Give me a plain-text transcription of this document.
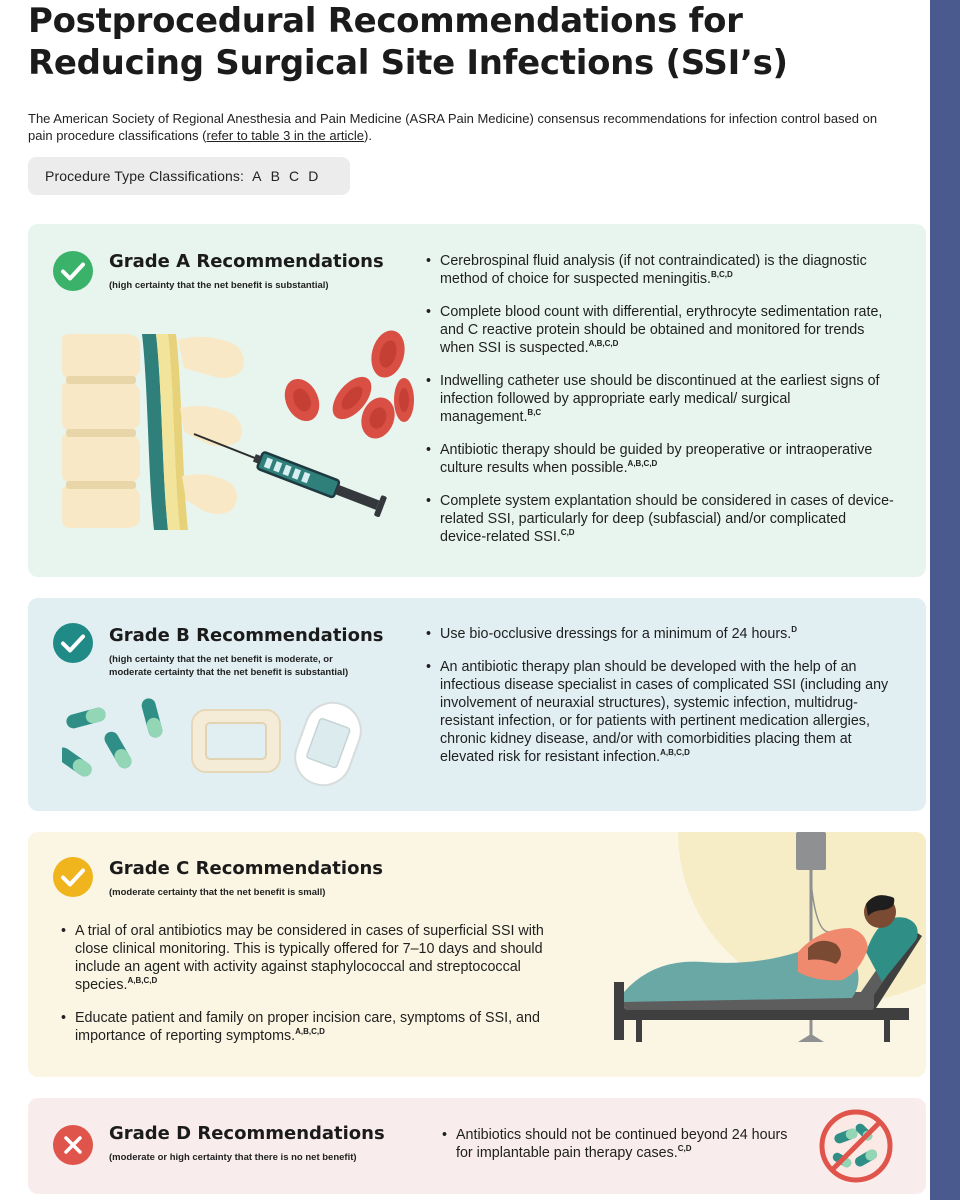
Postprocedural Recommendations for Reducing Surgical Site Infections (SSI’s)

The American Society of Regional Anesthesia and Pain Medicine (ASRA Pain Medicine) consensus recommendations for infection control based on pain procedure classifications (refer to table 3 in the article).

Procedure Type Classifications: A B C D
Grade A Recommendations
(high certainty that the net benefit is substantial)
• Cerebrospinal fluid analysis (if not contraindicated) is the diagnostic method of choice for suspected meningitis.$^{B,C,D}$
• Complete blood count with differential, erythrocyte sedimentation rate, and C reactive protein should be obtained and monitored for trends when SSI is suspected.$^{A,B,C,D}$
• Indwelling catheter use should be discontinued at the earliest signs of infection followed by appropriate early medical/ surgical management.$^{B,C}$
• Antibiotic therapy should be guided by preoperative or intraoperative culture results when possible.$^{A,B,C,D}$
• Complete system explantation should be considered in cases of device-related SSI, particularly for deep (subfascial) and/or complicated device-related SSI.$^{C,D}$
Grade B Recommendations
(high certainty that the net benefit is moderate, or
moderate certainty that the net benefit is substantial)
• Use bio-occlusive dressings for a minimum of 24 hours.$^D$
• An antibiotic therapy plan should be developed with the help of an infectious disease specialist in cases of complicated SSI (including any involvement of neuraxial structures), systemic infection, multidrug-resistant infection, or for patients with pertinent medication allergies, chronic kidney disease, and/or with comorbidities placing them at elevated risk for resistant infection.$^{A,B,C,D}$
Grade C Recommendations
(moderate certainty that the net benefit is small)
• A trial of oral antibiotics may be considered in cases of superficial SSI with close clinical monitoring. This is typically offered for 7–10 days and should include an agent with activity against staphylococcal and streptococcal species.$^{A,B,C,D}$
• Educate patient and family on proper incision care, symptoms of SSI, and importance of reporting symptoms.$^{A,B,C,D}$
Grade D Recommendations
(moderate or high certainty that there is no net benefit)
• Antibiotics should not be continued beyond 24 hours for implantable pain therapy cases.$^{C,D}$
